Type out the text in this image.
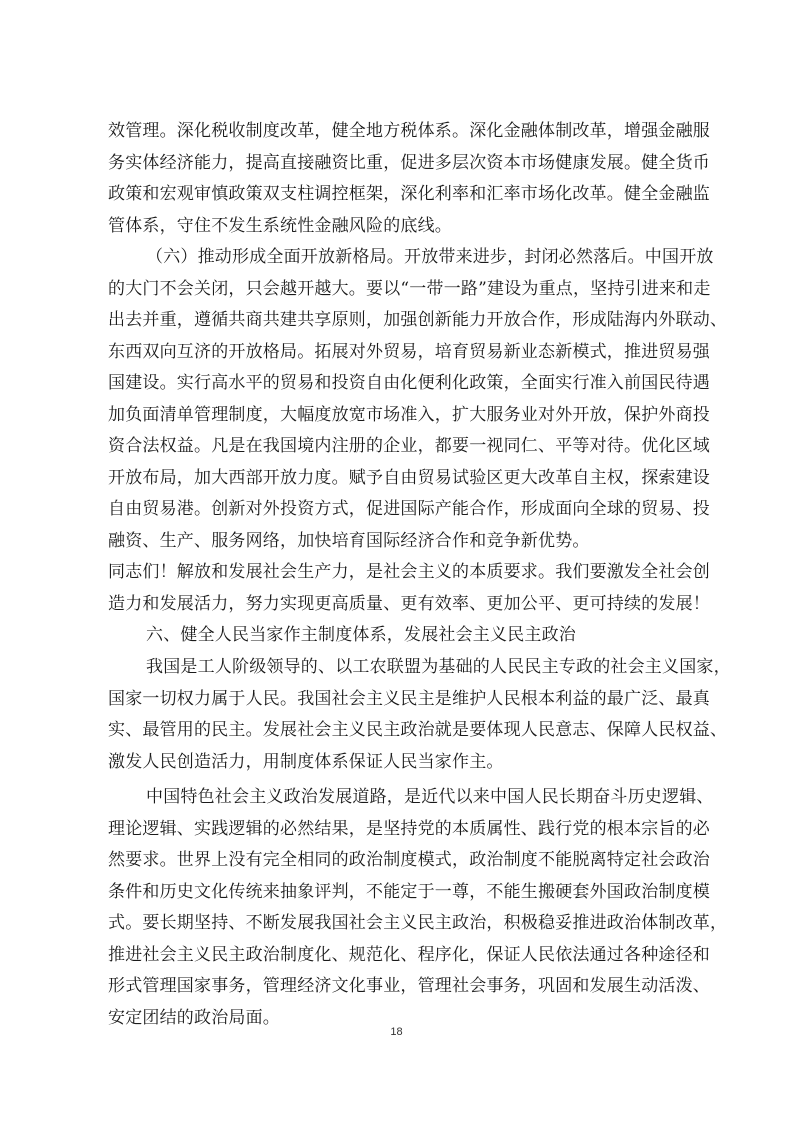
效管理。深化税收制度改革，健全地方税体系。深化金融体制改革，增强金融服
务实体经济能力，提高直接融资比重，促进多层次资本市场健康发展。健全货币
政策和宏观审慎政策双支柱调控框架，深化利率和汇率市场化改革。健全金融监
管体系，守住不发生系统性金融风险的底线。
（六）推动形成全面开放新格局。开放带来进步，封闭必然落后。中国开放
的大门不会关闭，只会越开越大。要以“一带一路”建设为重点，坚持引进来和走
出去并重，遵循共商共建共享原则，加强创新能力开放合作，形成陆海内外联动、
东西双向互济的开放格局。拓展对外贸易，培育贸易新业态新模式，推进贸易强
国建设。实行高水平的贸易和投资自由化便利化政策，全面实行准入前国民待遇
加负面清单管理制度，大幅度放宽市场准入，扩大服务业对外开放，保护外商投
资合法权益。凡是在我国境内注册的企业，都要一视同仁、平等对待。优化区域
开放布局，加大西部开放力度。赋予自由贸易试验区更大改革自主权，探索建设
自由贸易港。创新对外投资方式，促进国际产能合作，形成面向全球的贸易、投
融资、生产、服务网络，加快培育国际经济合作和竞争新优势。
同志们！解放和发展社会生产力，是社会主义的本质要求。我们要激发全社会创
造力和发展活力，努力实现更高质量、更有效率、更加公平、更可持续的发展！
六、健全人民当家作主制度体系，发展社会主义民主政治
我国是工人阶级领导的、以工农联盟为基础的人民民主专政的社会主义国家，
国家一切权力属于人民。我国社会主义民主是维护人民根本利益的最广泛、最真
实、最管用的民主。发展社会主义民主政治就是要体现人民意志、保障人民权益、
激发人民创造活力，用制度体系保证人民当家作主。
中国特色社会主义政治发展道路，是近代以来中国人民长期奋斗历史逻辑、
理论逻辑、实践逻辑的必然结果，是坚持党的本质属性、践行党的根本宗旨的必
然要求。世界上没有完全相同的政治制度模式，政治制度不能脱离特定社会政治
条件和历史文化传统来抽象评判，不能定于一尊，不能生搬硬套外国政治制度模
式。要长期坚持、不断发展我国社会主义民主政治，积极稳妥推进政治体制改革，
推进社会主义民主政治制度化、规范化、程序化，保证人民依法通过各种途径和
形式管理国家事务，管理经济文化事业，管理社会事务，巩固和发展生动活泼、
安定团结的政治局面。
18
